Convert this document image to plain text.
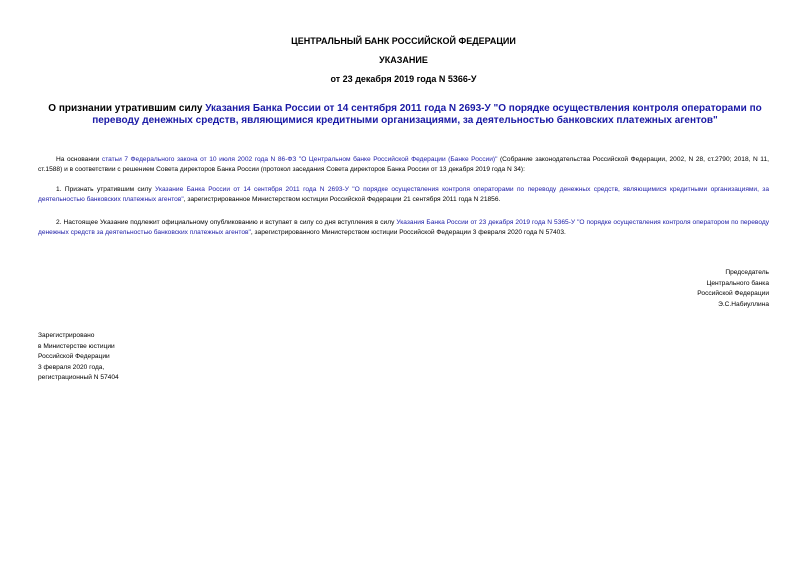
ЦЕНТРАЛЬНЫЙ БАНК РОССИЙСКОЙ ФЕДЕРАЦИИ
УКАЗАНИЕ
от 23 декабря 2019 года N 5366-У
О признании утратившим силу Указания Банка России от 14 сентября 2011 года N 2693-У "О порядке осуществления контроля операторами по переводу денежных средств, являющимися кредитными организациями, за деятельностью банковских платежных агентов"
На основании статьи 7 Федерального закона от 10 июля 2002 года N 86-ФЗ "О Центральном банке Российской Федерации (Банке России)" (Собрание законодательства Российской Федерации, 2002, N 28, ст.2790; 2018, N 11, ст.1588) и в соответствии с решением Совета директоров Банка России (протокол заседания Совета директоров Банка России от 13 декабря 2019 года N 34):
1. Признать утратившим силу Указание Банка России от 14 сентября 2011 года N 2693-У "О порядке осуществления контроля операторами по переводу денежных средств, являющимися кредитными организациями, за деятельностью банковских платежных агентов", зарегистрированное Министерством юстиции Российской Федерации 21 сентября 2011 года N 21856.
2. Настоящее Указание подлежит официальному опубликованию и вступает в силу со дня вступления в силу Указания Банка России от 23 декабря 2019 года N 5365-У "О порядке осуществления контроля оператором по переводу денежных средств за деятельностью банковских платежных агентов", зарегистрированного Министерством юстиции Российской Федерации 3 февраля 2020 года N 57403.
Председатель
Центрального банка
Российской Федерации
Э.С.Набиуллина
Зарегистрировано
в Министерстве юстиции
Российской Федерации
3 февраля 2020 года,
регистрационный N 57404
